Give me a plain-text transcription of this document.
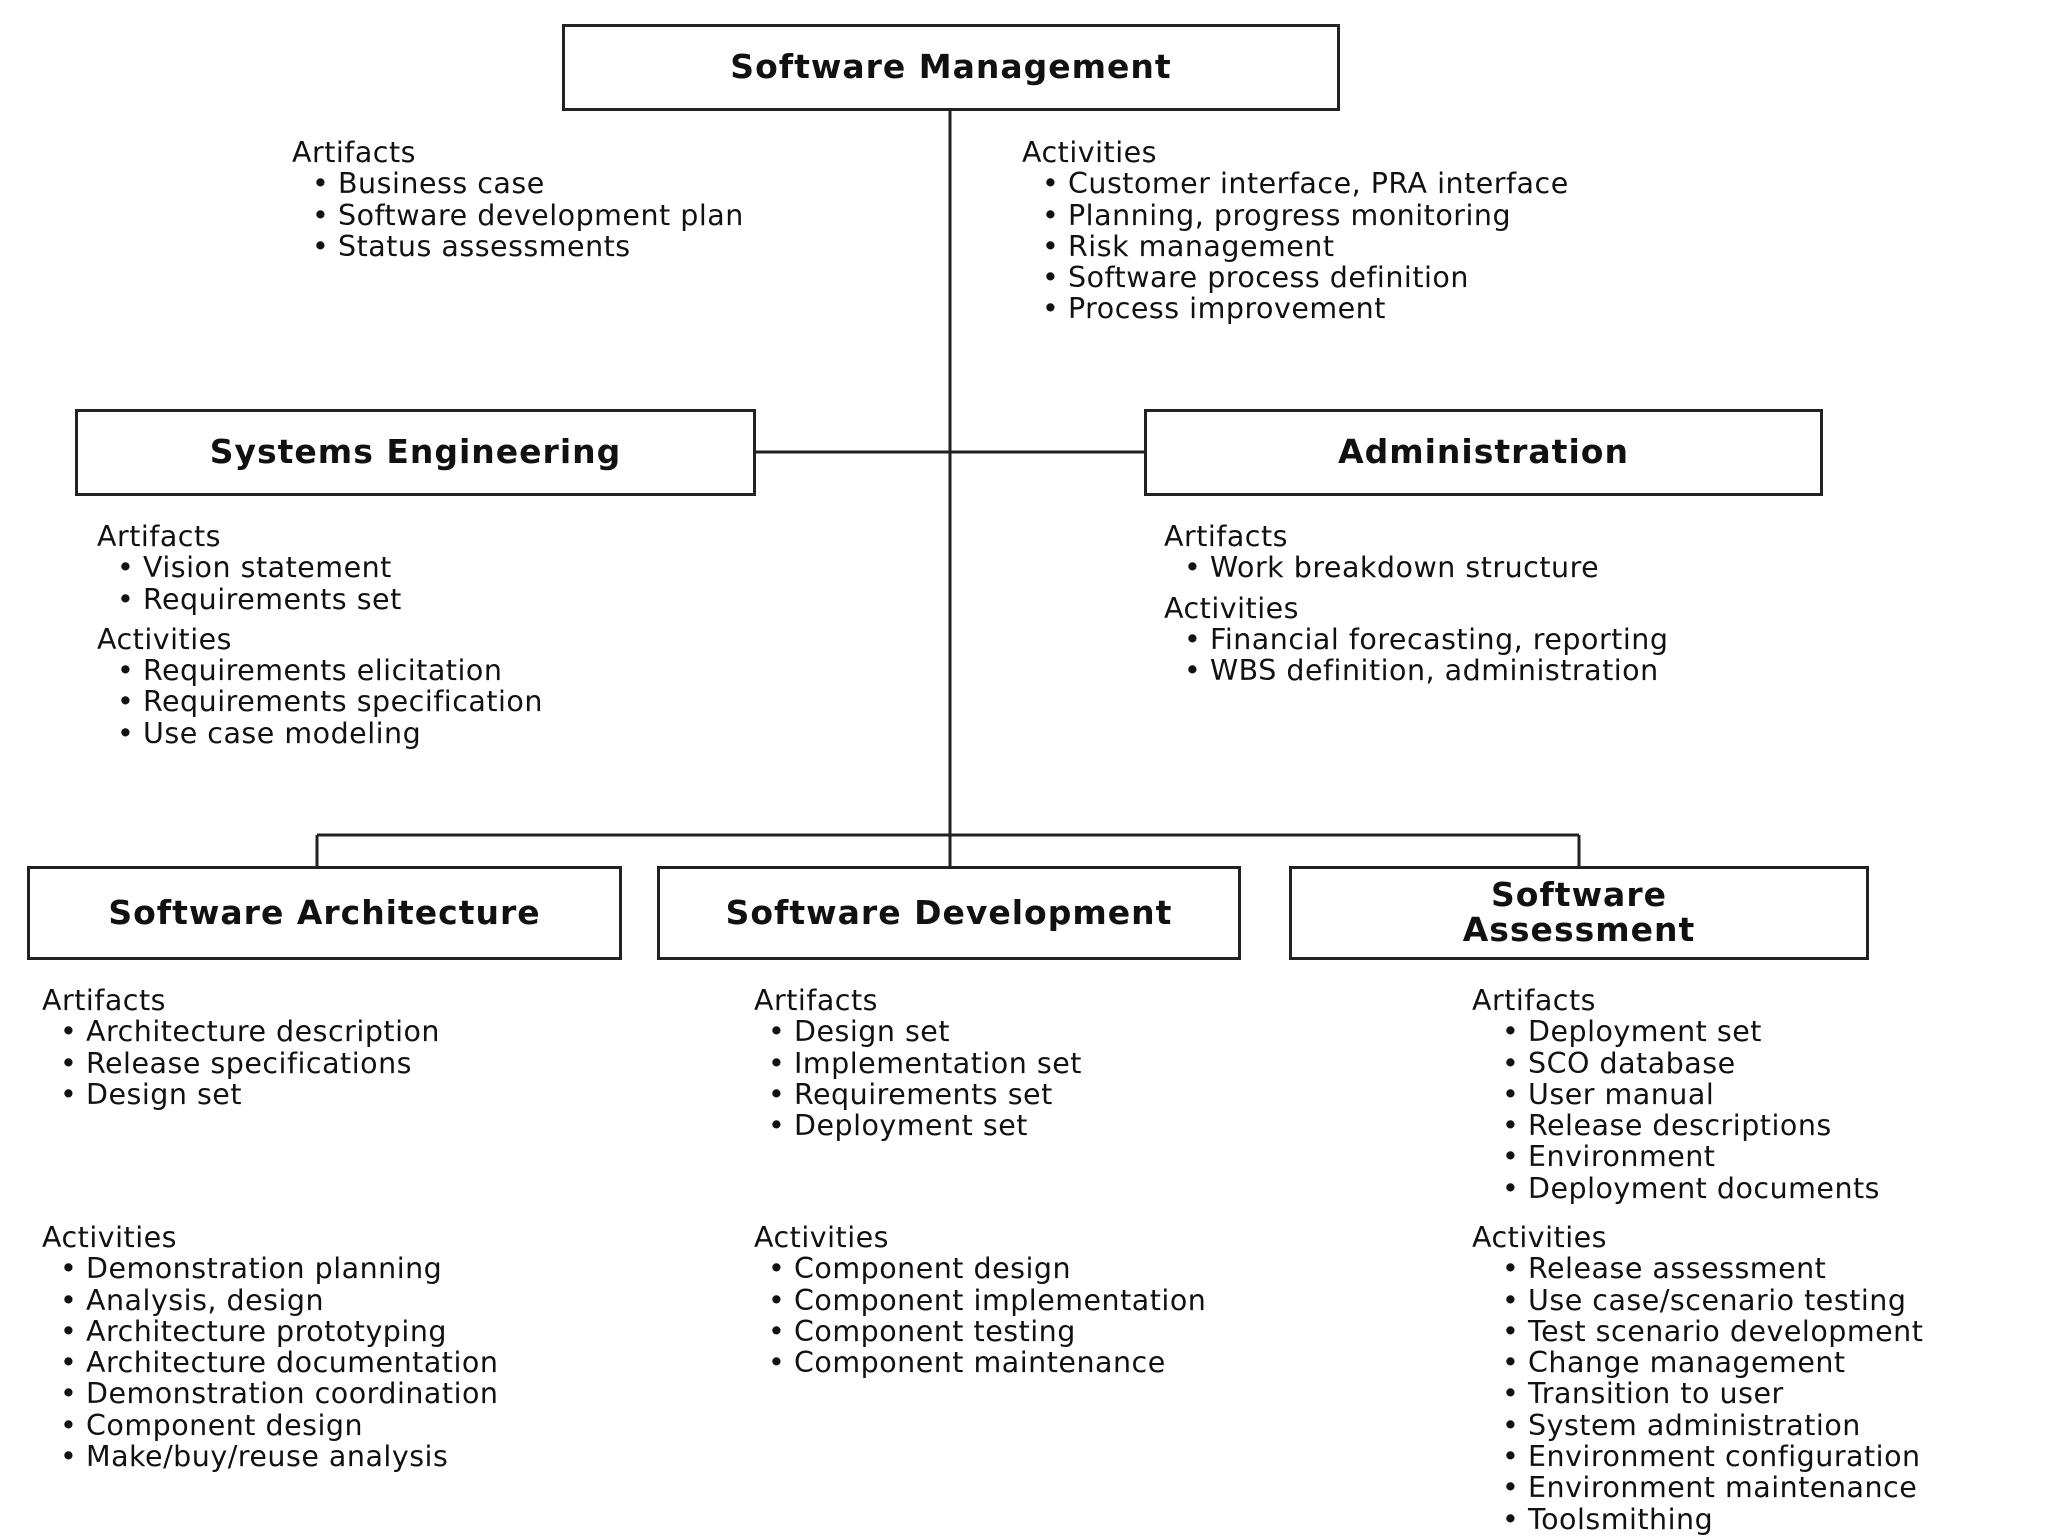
Software Management
Systems Engineering	Administration
Software Architecture	Software Development	Software
Assessment
Artifacts
• Business case
• Software development plan
• Status assessments
Activities
• Customer interface, PRA interface
• Planning, progress monitoring
• Risk management
• Software process definition
• Process improvement
Artifacts
• Vision statement
• Requirements set
Activities
• Requirements elicitation
• Requirements specification
• Use case modeling
Artifacts
• Work breakdown structure
Activities
• Financial forecasting, reporting
• WBS definition, administration
Artifacts
• Architecture description
• Release specifications
• Design set
Activities
• Demonstration planning
• Analysis, design
• Architecture prototyping
• Architecture documentation
• Demonstration coordination
• Component design
• Make/buy/reuse analysis
Artifacts
• Design set
• Implementation set
• Requirements set
• Deployment set
Activities
• Component design
• Component implementation
• Component testing
• Component maintenance
Artifacts
• Deployment set
• SCO database
• User manual
• Release descriptions
• Environment
• Deployment documents
Activities
• Release assessment
• Use case/scenario testing
• Test scenario development
• Change management
• Transition to user
• System administration
• Environment configuration
• Environment maintenance
• Toolsmithing
